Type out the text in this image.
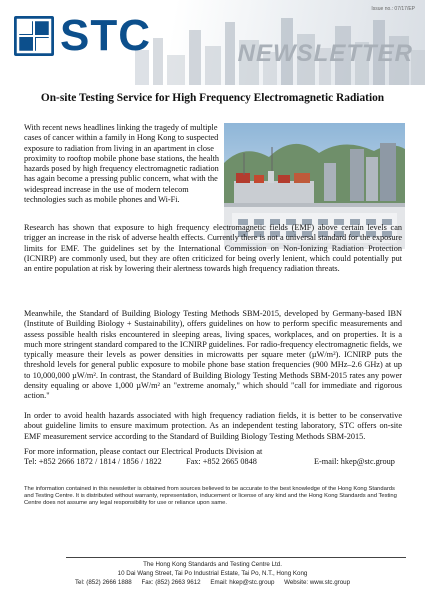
STC
Issue no.: 07/17/EP
NEWSLETTER
On-site Testing Service for High Frequency Electromagnetic Radiation
With recent news headlines linking the tragedy of multiple cases of cancer within a family in Hong Kong to suspected exposure to radiation from living in an apartment in close proximity to rooftop mobile phone base stations, the health hazards posed by high frequency electromagnetic radiation has again become a pressing public concern, what with the widespread increase in the use of modern telecom technologies such as mobile phones and Wi-Fi.
Research has shown that exposure to high frequency electromagnetic fields (EMF) above certain levels can trigger an increase in the risk of adverse health effects. Currently there is not a universal standard for the exposure limits for EMF. The guidelines set by the International Commission on Non-Ionizing Radiation Protection (ICNIRP) are commonly used, but they are often criticized for being overly lenient, which could potentially put an entire population at risk by lowering their alertness towards high frequency radiation threats.
Meanwhile, the Standard of Building Biology Testing Methods SBM-2015, developed by Germany-based IBN (Institute of Building Biology + Sustainability), offers guidelines on how to perform specific measurements and assess possible health risks encountered in sleeping areas, living spaces, workplaces, and on properties. It is a much more stringent standard compared to the ICNIRP guidelines. For radio-frequency electromagnetic fields, we typically measure their levels as power densities in microwatts per square meter (µW/m²). ICNIRP puts the threshold levels for general public exposure to mobile phone base station frequencies (900 MHz–2.6 GHz) at up to 10,000,000 µW/m². In contrast, the Standard of Building Biology Testing Methods SBM-2015 rates any power density equaling or above 1,000 µW/m² an "extreme anomaly," which should "call for immediate and rigorous action."
In order to avoid health hazards associated with high frequency radiation fields, it is better to be conservative about guideline limits to ensure maximum protection. As an independent testing laboratory, STC offers on-site EMF measurement service according to the Standard of Building Biology Testing Methods SBM-2015.
For more information, please contact our Electrical Products Division at
Tel: +852 2666 1872 / 1814 / 1856 / 1822	Fax: +852 2665 0848	E-mail: hkep@stc.group
The information contained in this newsletter is obtained from sources believed to be accurate to the best knowledge of the Hong Kong Standards and Testing Centre. It is distributed without warranty, representation, inducement or license of any kind and the Hong Kong Standards and Testing Centre does not assume any legal responsibility for use or reliance upon same.
The Hong Kong Standards and Testing Centre Ltd.
10 Dai Wang Street, Tai Po Industrial Estate, Tai Po, N.T., Hong Kong
Tel: (852) 2666 1888 Fax: (852) 2663 9612 Email: hkep@stc.group Website: www.stc.group
